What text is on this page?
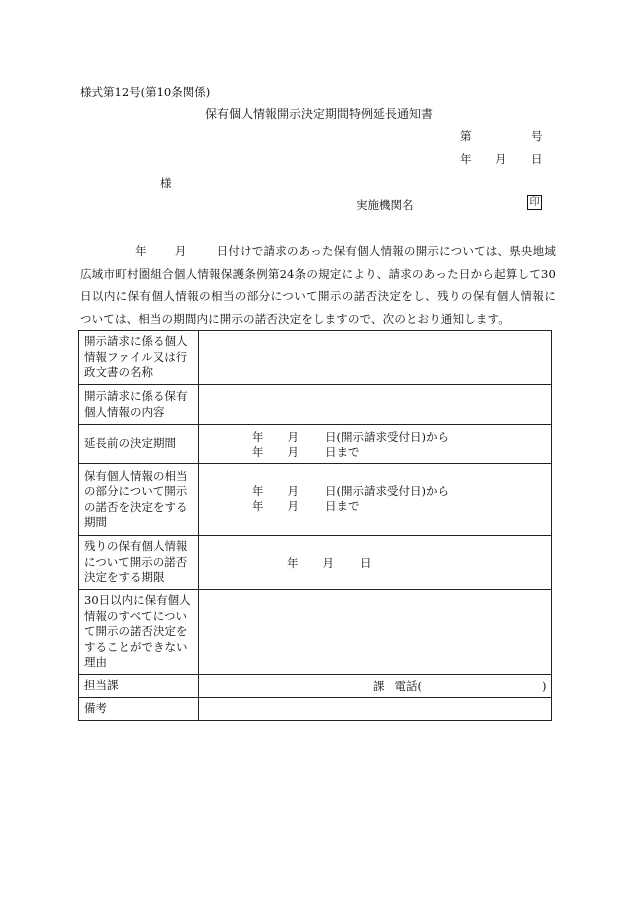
様式第12号(第10条関係)
保有個人情報開示決定期間特例延長通知書
第	号
年 月 日
様
実施機関名	印
年 月	日付けで請求のあった保有個人情報の開示については、県央地域広域市町村圏組合個人情報保護条例第24条の規定により、請求のあった日から起算して30日以内に保有個人情報の相当の部分について開示の諾否決定をし、残りの保有個人情報については、相当の期間内に開示の諾否決定をしますので、次のとおり通知します。
開示請求に係る個人情報ファイル又は行政文書の名称	
開示請求に係る保有個人情報の内容	
延長前の決定期間	年 月 日(開示請求受付日)から
年 月 日まで

保有個人情報の相当の部分について開示の諾否を決定をする期間	年 月 日(開示請求受付日)から
年 月 日まで

残りの保有個人情報について開示の諾否決定をする期限	年 月 日

30日以内に保有個人情報のすべてについて開示の諾否決定をすることができない理由	
担当課	課 電話( )

備考	
